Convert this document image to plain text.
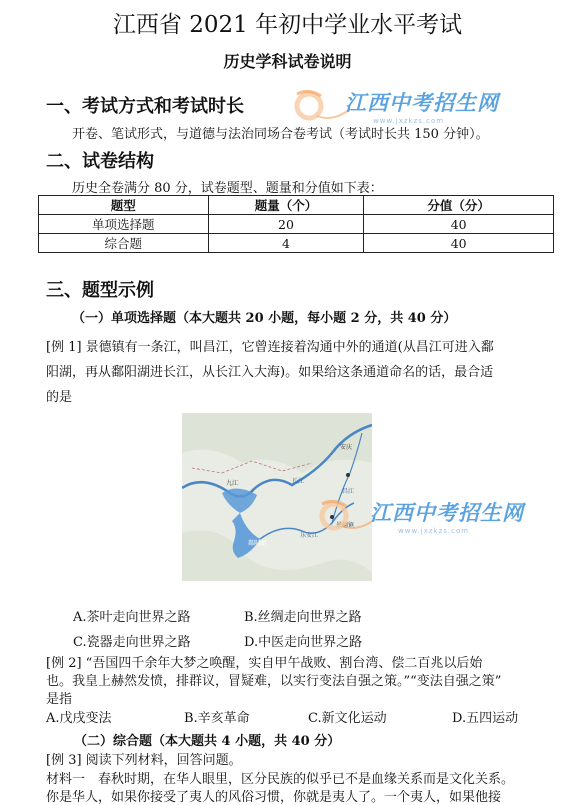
江西省 2021 年初中学业水平考试
历史学科试卷说明
江西中考招生网
www.jxzkzs.com
一、考试方式和考试时长
开卷、笔试形式，与道德与法治同场合卷考试（考试时长共 150 分钟）。
二、试卷结构
历史全卷满分 80 分，试卷题型、题量和分值如下表：
题型	题量（个）	分值（分）
单项选择题	20	40
综合题	4	40
三、题型示例
（一）单项选择题（本大题共 20 小题，每小题 2 分，共 40 分）
[例 1] 景德镇有一条江，叫昌江，它曾连接着沟通中外的通道(从昌江可进入鄱
阳湖，再从鄱阳湖进长江，从长江入大海)。如果给这条通道命名的话，最合适
的是
安庆
九江	长江
昌江
乐安江
景德镇
鄱阳湖
江西中考招生网
www.jxzkzs.com
A.茶叶走向世界之路	B.丝绸走向世界之路
C.瓷器走向世界之路	D.中医走向世界之路
[例 2] “吾国四千余年大梦之唤醒，实自甲午战败、割台湾、偿二百兆以后始
也。我皇上赫然发愤，排群议，冒疑难，以实行变法自强之策。”“变法自强之策”
是指
A.戊戌变法	B.辛亥革命	C.新文化运动	D.五四运动
（二）综合题（本大题共 4 小题，共 40 分）
[例 3] 阅读下列材料，回答问题。
材料一　春秋时期，在华人眼里，区分民族的似乎已不是血缘关系而是文化关系。
你是华人，如果你接受了夷人的风俗习惯，你就是夷人了。一个夷人，如果他接
